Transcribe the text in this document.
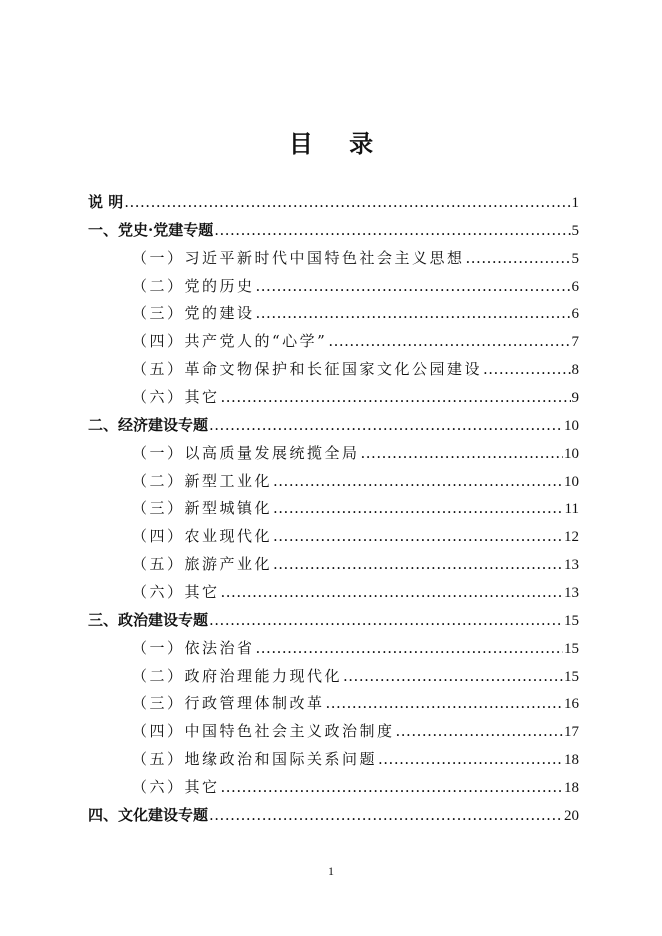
目 录
说 明 .....	1
一、党史·党建专题 .....	5
（一）习近平新时代中国特色社会主义思想 .....	5
（二）党的历史 .....	6
（三）党的建设 .....	6
（四）共产党人的“心学” .....	7
（五）革命文物保护和长征国家文化公园建设 .....	8
（六）其它 .....	9
二、经济建设专题 .....	10
（一）以高质量发展统揽全局 .....	10
（二）新型工业化 .....	10
（三）新型城镇化 .....	11
（四）农业现代化 .....	12
（五）旅游产业化 .....	13
（六）其它 .....	13
三、政治建设专题 .....	15
（一）依法治省 .....	15
（二）政府治理能力现代化 .....	15
（三）行政管理体制改革 .....	16
（四）中国特色社会主义政治制度 .....	17
（五）地缘政治和国际关系问题 .....	18
（六）其它 .....	18
四、文化建设专题 .....	20
1
